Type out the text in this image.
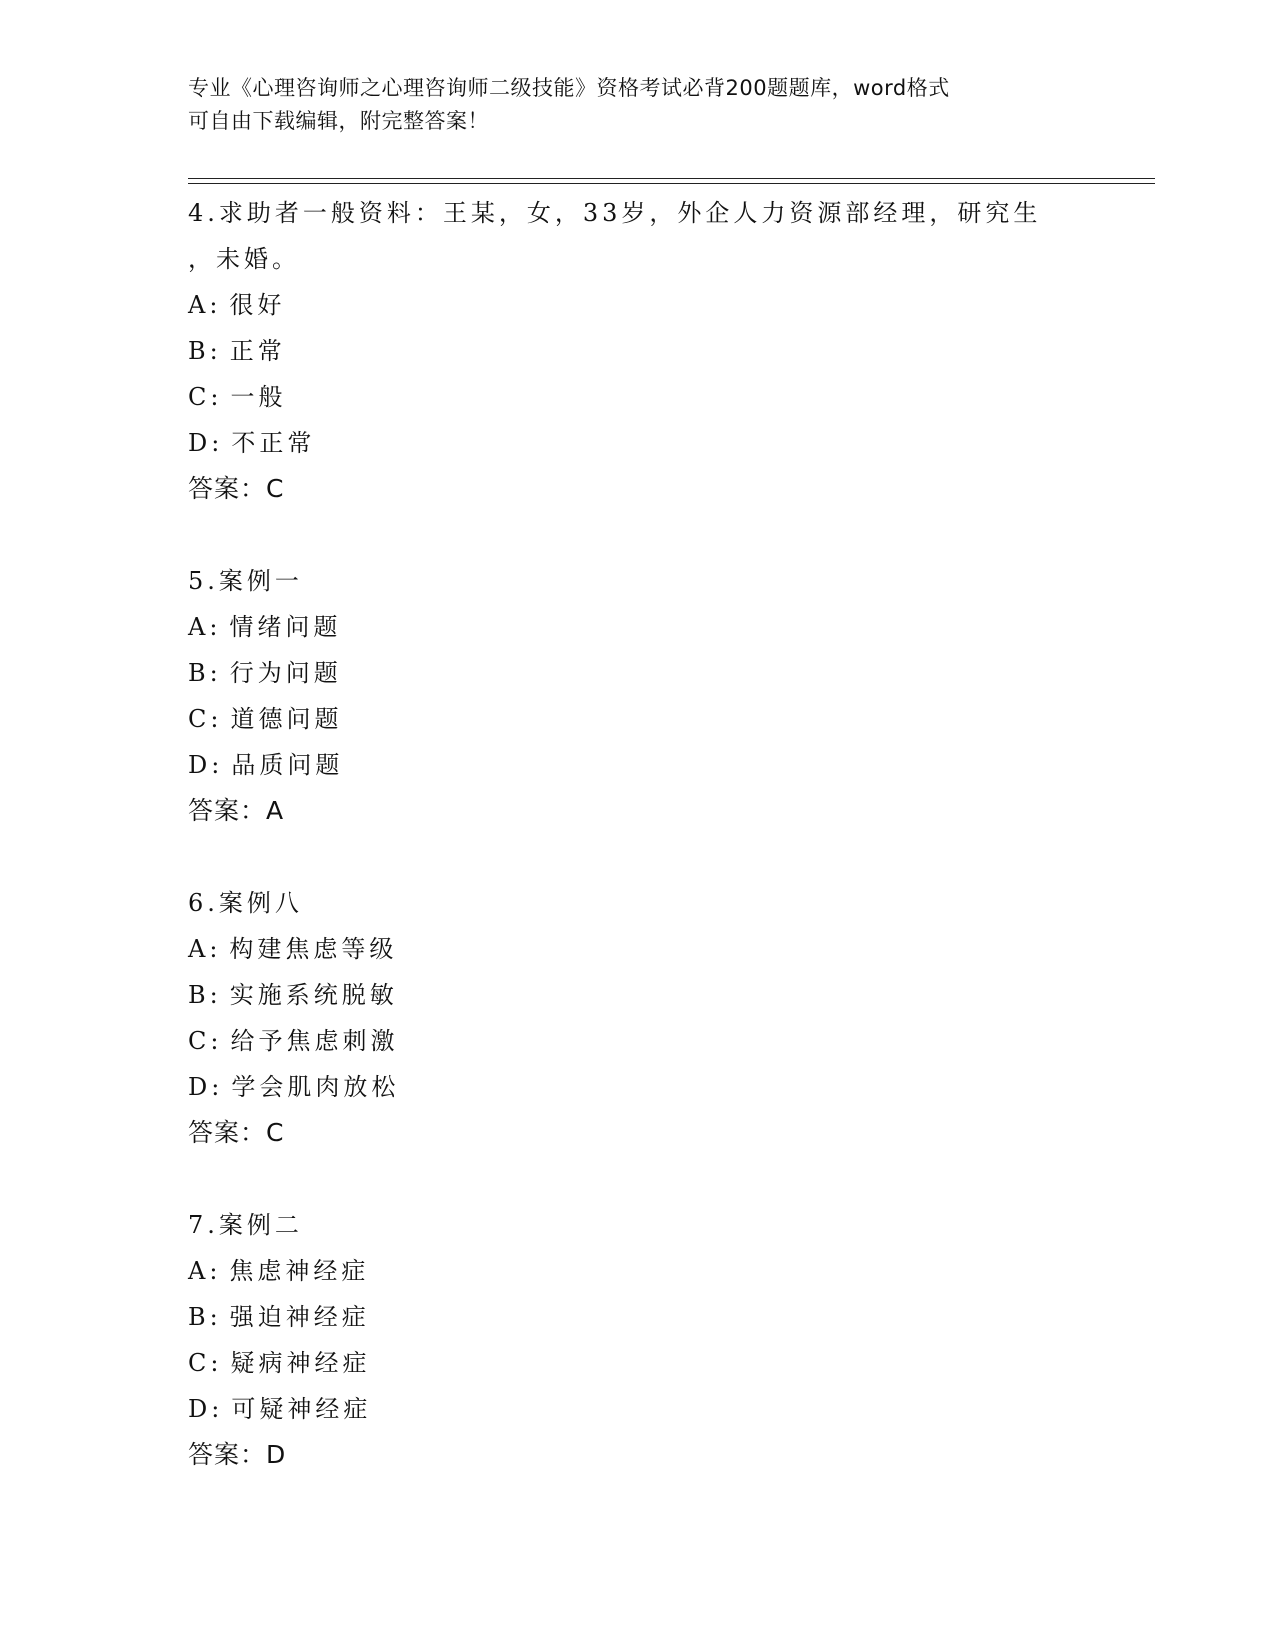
专业《心理咨询师之心理咨询师二级技能》资格考试必背200题题库，word格式
可自由下载编辑，附完整答案！
4.求助者一般资料：王某，女，33岁，外企人力资源部经理，研究生
，未婚。
A: 很好
B: 正常
C: 一般
D: 不正常
答案：C
5.案例一
A: 情绪问题
B: 行为问题
C: 道德问题
D: 品质问题
答案：A
6.案例八
A: 构建焦虑等级
B: 实施系统脱敏
C: 给予焦虑刺激
D: 学会肌肉放松
答案：C
7.案例二
A: 焦虑神经症
B: 强迫神经症
C: 疑病神经症
D: 可疑神经症
答案：D
